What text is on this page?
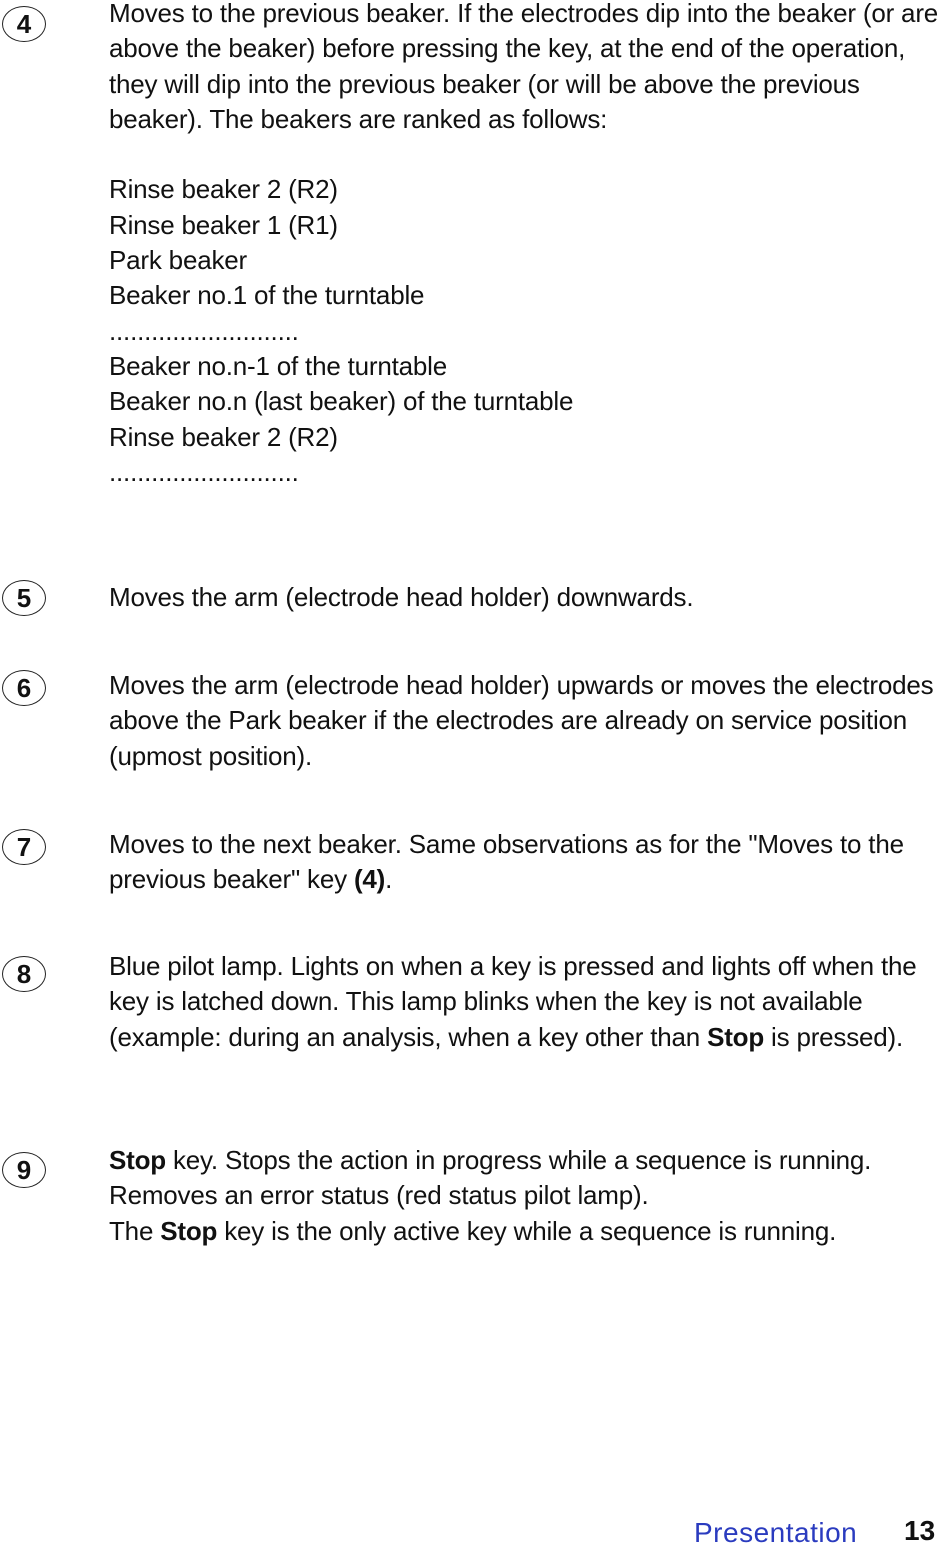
4	Moves to the previous beaker. If the electrodes dip into the beaker (or are above the beaker) before pressing the key, at the end of the operation, they will dip into the previous beaker (or will be above the previous beaker). The beakers are ranked as follows:

Rinse beaker 2 (R2)

Rinse beaker 1 (R1)

Park beaker

Beaker no.1 of the turntable

...........................

Beaker no.n-1 of the turntable

Beaker no.n (last beaker) of the turntable

Rinse beaker 2 (R2)

...........................

5	Moves the arm (electrode head holder) downwards.

6	Moves the arm (electrode head holder) upwards or moves the electrodes above the Park beaker if the electrodes are already on service position (upmost position).

7	Moves to the next beaker. Same observations as for the "Moves to the previous beaker" key (4).

8	Blue pilot lamp. Lights on when a key is pressed and lights off when the key is latched down. This lamp blinks when the key is not available (example: during an analysis, when a key other than Stop is pressed).

9	Stop key. Stops the action in progress while a sequence is running. Removes an error status (red status pilot lamp).

The Stop key is the only active key while a sequence is running.

Presentation 13
